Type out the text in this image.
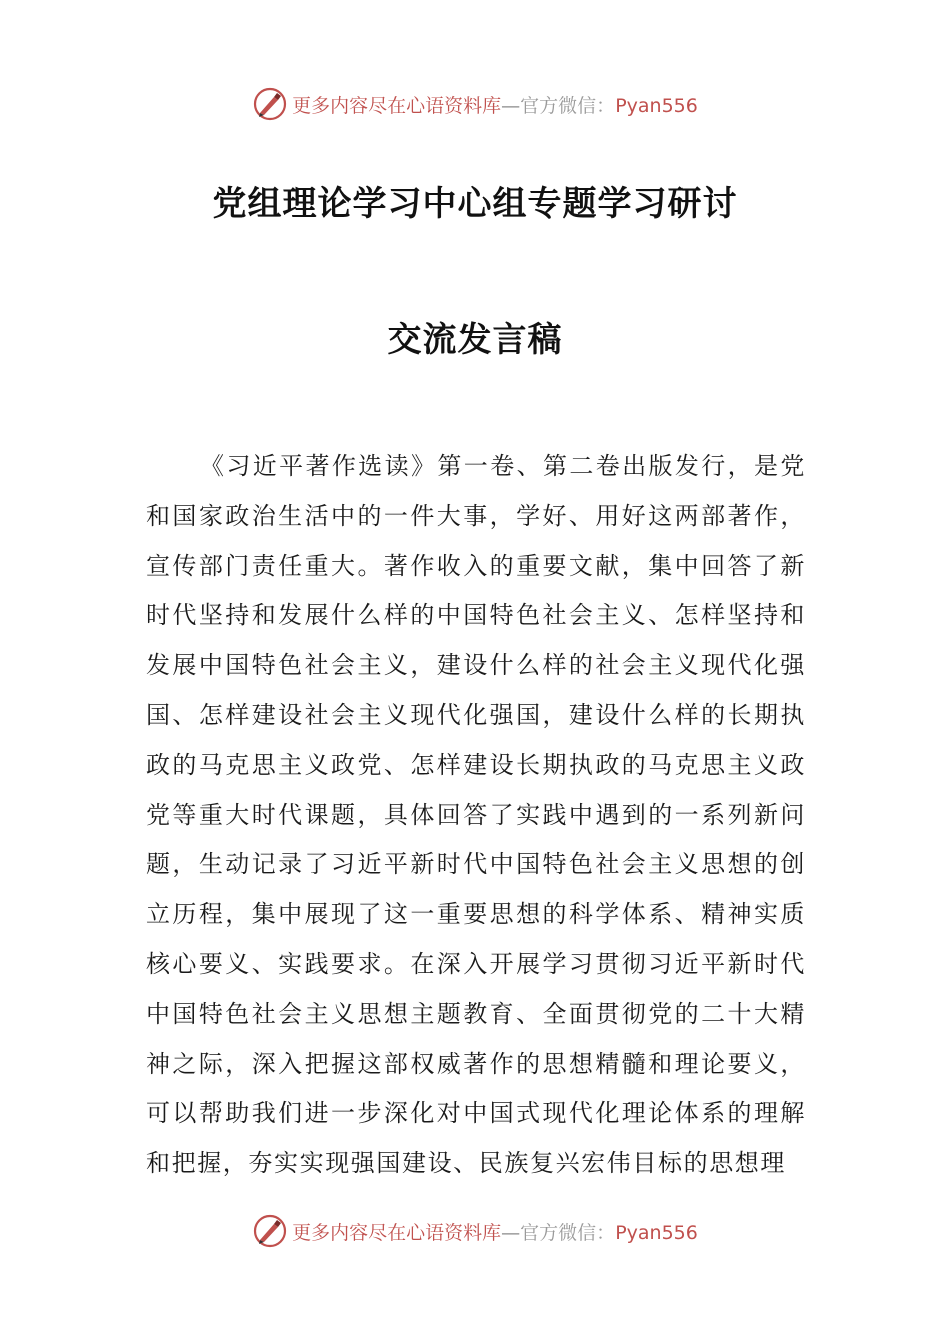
更多内容尽在心语资料库—官方微信：Pyan556
党组理论学习中心组专题学习研讨
交流发言稿

《习近平著作选读》第一卷、第二卷出版发行，是党和国家政治生活中的一件大事，学好、用好这两部著作，宣传部门责任重大。著作收入的重要文献，集中回答了新时代坚持和发展什么样的中国特色社会主义、怎样坚持和发展中国特色社会主义，建设什么样的社会主义现代化强国、怎样建设社会主义现代化强国，建设什么样的长期执政的马克思主义政党、怎样建设长期执政的马克思主义政党等重大时代课题，具体回答了实践中遇到的一系列新问题，生动记录了习近平新时代中国特色社会主义思想的创立历程，集中展现了这一重要思想的科学体系、精神实质核心要义、实践要求。在深入开展学习贯彻习近平新时代中国特色社会主义思想主题教育、全面贯彻党的二十大精神之际，深入把握这部权威著作的思想精髓和理论要义，可以帮助我们进一步深化对中国式现代化理论体系的理解和把握，夯实实现强国建设、民族复兴宏伟目标的思想理

更多内容尽在心语资料库—官方微信：Pyan556
